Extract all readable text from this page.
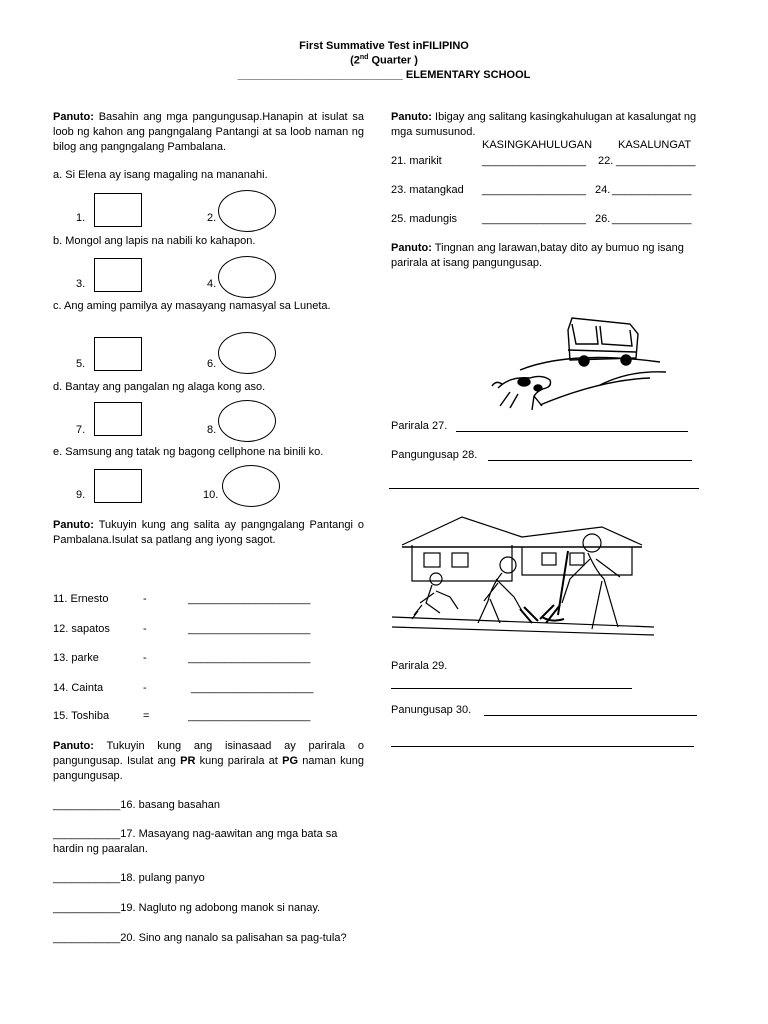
First Summative Test inFILIPINO
(2nd Quarter )
___________________________ ELEMENTARY SCHOOL
Panuto: Basahin ang mga pangungusap.Hanapin at isulat sa loob ng kahon ang pangngalang Pantangi at sa loob naman ng bilog ang pangngalang Pambalana.
a. Si Elena ay isang magaling na mananahi.
1.	2.
b. Mongol ang lapis na nabili ko kahapon.
3.	4.
c. Ang aming pamilya ay masayang namasyal sa Luneta.
5.	6.
d. Bantay ang pangalan ng alaga kong aso.
7.	8.
e. Samsung ang tatak ng bagong cellphone na binili ko.
9.	10.
Panuto: Tukuyin kung ang salita ay pangngalang Pantangi o Pambalana.Isulat sa patlang ang iyong sagot.
11. Ernesto	-	____________________
12. sapatos	-	____________________
13. parke	-	____________________
14. Cainta	-	____________________
15. Toshiba	=	____________________
Panuto: Tukuyin kung ang isinasaad ay parirala o pangungusap. Isulat ang PR kung parirala at PG naman kung pangungusap.
___________16. basang basahan
___________17. Masayang nag-aawitan ang mga bata sa hardin ng paaralan.
___________18. pulang panyo
___________19. Nagluto ng adobong manok si nanay.
___________20. Sino ang nanalo sa palisahan sa pag-tula?
Panuto: Ibigay ang salitang kasingkahulugan at kasalungat ng mga sumusunod.
KASINGKAHULUGAN KASALUNGAT
21. marikit	_________________ 22. _____________
23. matangkad _________________ 24. _____________
25. madungis _________________ 26. _____________
Panuto: Tingnan ang larawan,batay dito ay bumuo ng isang parirala at isang pangungusap.
Parirala 27.
Pangungusap 28.
Parirala 29.
Panungusap 30.
